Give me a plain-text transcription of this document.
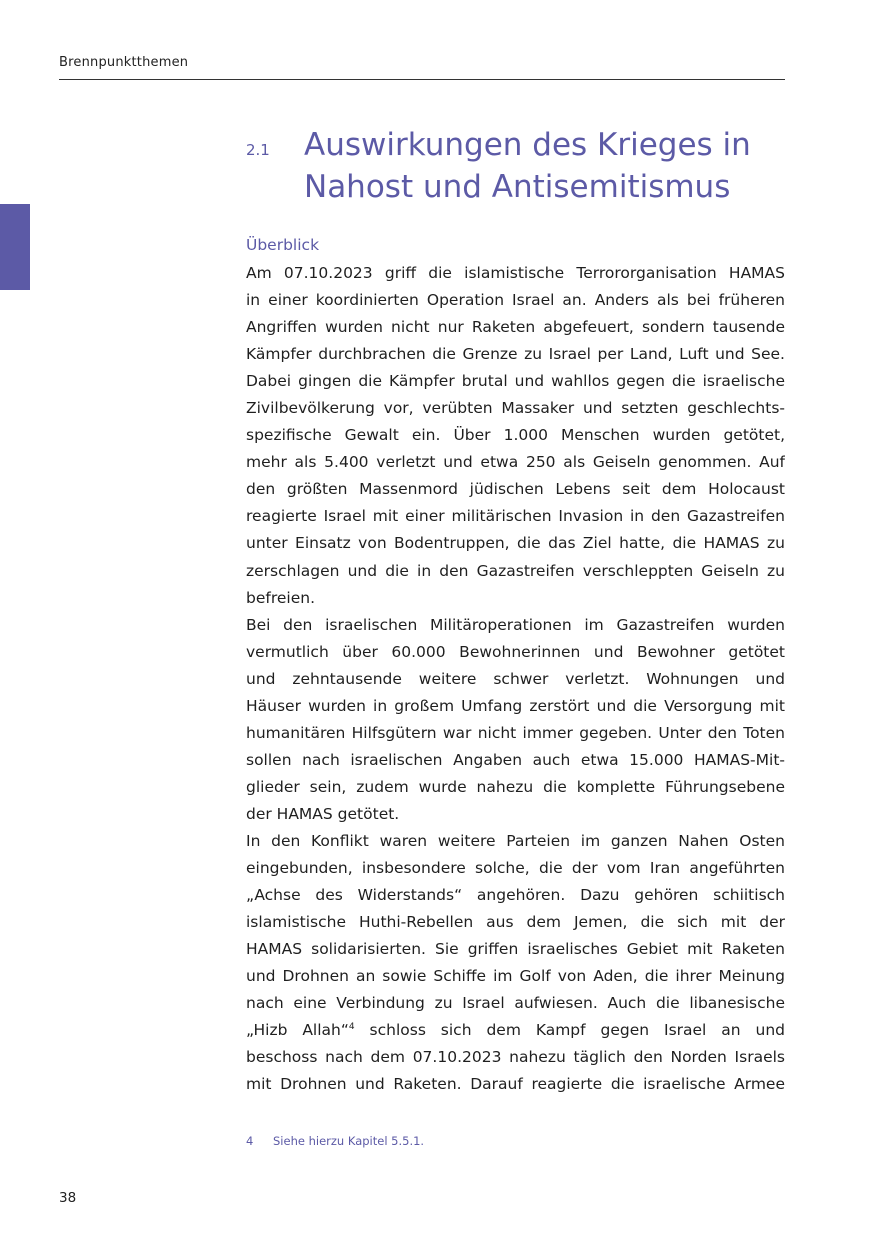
Brennpunktthemen
2.1 Auswirkungen des Krieges in
Nahost und Antisemitismus
Überblick
Am 07.10.2023 griff die islamistische Terrororganisation HAMAS
in einer koordinierten Operation Israel an. Anders als bei früheren
Angriffen wurden nicht nur Raketen abgefeuert, sondern tausende
Kämpfer durchbrachen die Grenze zu Israel per Land, Luft und See.
Dabei gingen die Kämpfer brutal und wahllos gegen die israelische
Zivilbevölkerung vor, verübten Massaker und setzten geschlechts-
spezifische Gewalt ein. Über 1.000 Menschen wurden getötet,
mehr als 5.400 verletzt und etwa 250 als Geiseln genommen. Auf
den größten Massenmord jüdischen Lebens seit dem Holocaust
reagierte Israel mit einer militärischen Invasion in den Gazastreifen
unter Einsatz von Bodentruppen, die das Ziel hatte, die HAMAS zu
zerschlagen und die in den Gazastreifen verschleppten Geiseln zu
befreien.
Bei den israelischen Militäroperationen im Gazastreifen wurden
vermutlich über 60.000 Bewohnerinnen und Bewohner getötet
und zehntausende weitere schwer verletzt. Wohnungen und
Häuser wurden in großem Umfang zerstört und die Versorgung mit
humanitären Hilfsgütern war nicht immer gegeben. Unter den Toten
sollen nach israelischen Angaben auch etwa 15.000 HAMAS-Mit-
glieder sein, zudem wurde nahezu die komplette Führungsebene
der HAMAS getötet.
In den Konflikt waren weitere Parteien im ganzen Nahen Osten
eingebunden, insbesondere solche, die der vom Iran angeführten
„Achse des Widerstands“ angehören. Dazu gehören schiitisch
islamistische Huthi-Rebellen aus dem Jemen, die sich mit der
HAMAS solidarisierten. Sie griffen israelisches Gebiet mit Raketen
und Drohnen an sowie Schiffe im Golf von Aden, die ihrer Meinung
nach eine Verbindung zu Israel aufwiesen. Auch die libanesische
„Hizb Allah“$^4$ schloss sich dem Kampf gegen Israel an und
beschoss nach dem 07.10.2023 nahezu täglich den Norden Israels
mit Drohnen und Raketen. Darauf reagierte die israelische Armee
4 Siehe hierzu Kapitel 5.5.1.
38
